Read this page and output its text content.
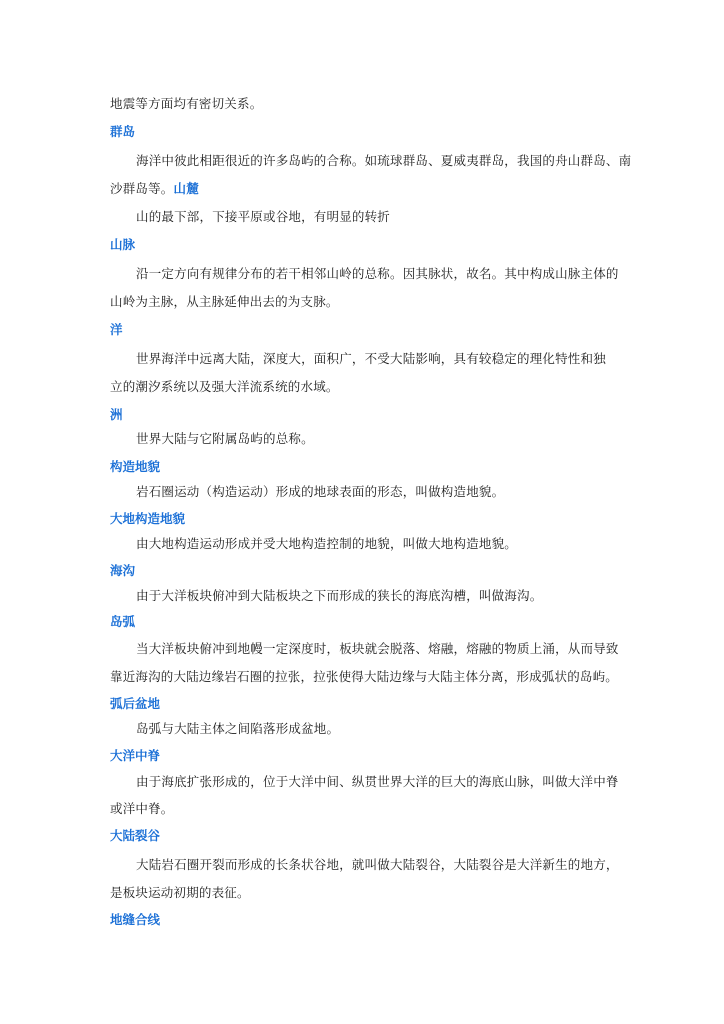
地震等方面均有密切关系。
群岛
海洋中彼此相距很近的许多岛屿的合称。如琉球群岛、夏威夷群岛，我国的舟山群岛、南
沙群岛等。山麓
山的最下部，下接平原或谷地，有明显的转折
山脉
沿一定方向有规律分布的若干相邻山岭的总称。因其脉状，故名。其中构成山脉主体的
山岭为主脉，从主脉延伸出去的为支脉。
洋
世界海洋中远离大陆，深度大，面积广，不受大陆影响，具有较稳定的理化特性和独
立的潮汐系统以及强大洋流系统的水域。
洲
世界大陆与它附属岛屿的总称。
构造地貌
岩石圈运动（构造运动）形成的地球表面的形态，叫做构造地貌。
大地构造地貌
由大地构造运动形成并受大地构造控制的地貌，叫做大地构造地貌。
海沟
由于大洋板块俯冲到大陆板块之下而形成的狭长的海底沟槽，叫做海沟。
岛弧
当大洋板块俯冲到地幔一定深度时，板块就会脱落、熔融，熔融的物质上涌，从而导致
靠近海沟的大陆边缘岩石圈的拉张，拉张使得大陆边缘与大陆主体分离，形成弧状的岛屿。
弧后盆地
岛弧与大陆主体之间陷落形成盆地。
大洋中脊
由于海底扩张形成的，位于大洋中间、纵贯世界大洋的巨大的海底山脉，叫做大洋中脊
或洋中脊。
大陆裂谷
大陆岩石圈开裂而形成的长条状谷地，就叫做大陆裂谷，大陆裂谷是大洋新生的地方，
是板块运动初期的表征。
地缝合线
